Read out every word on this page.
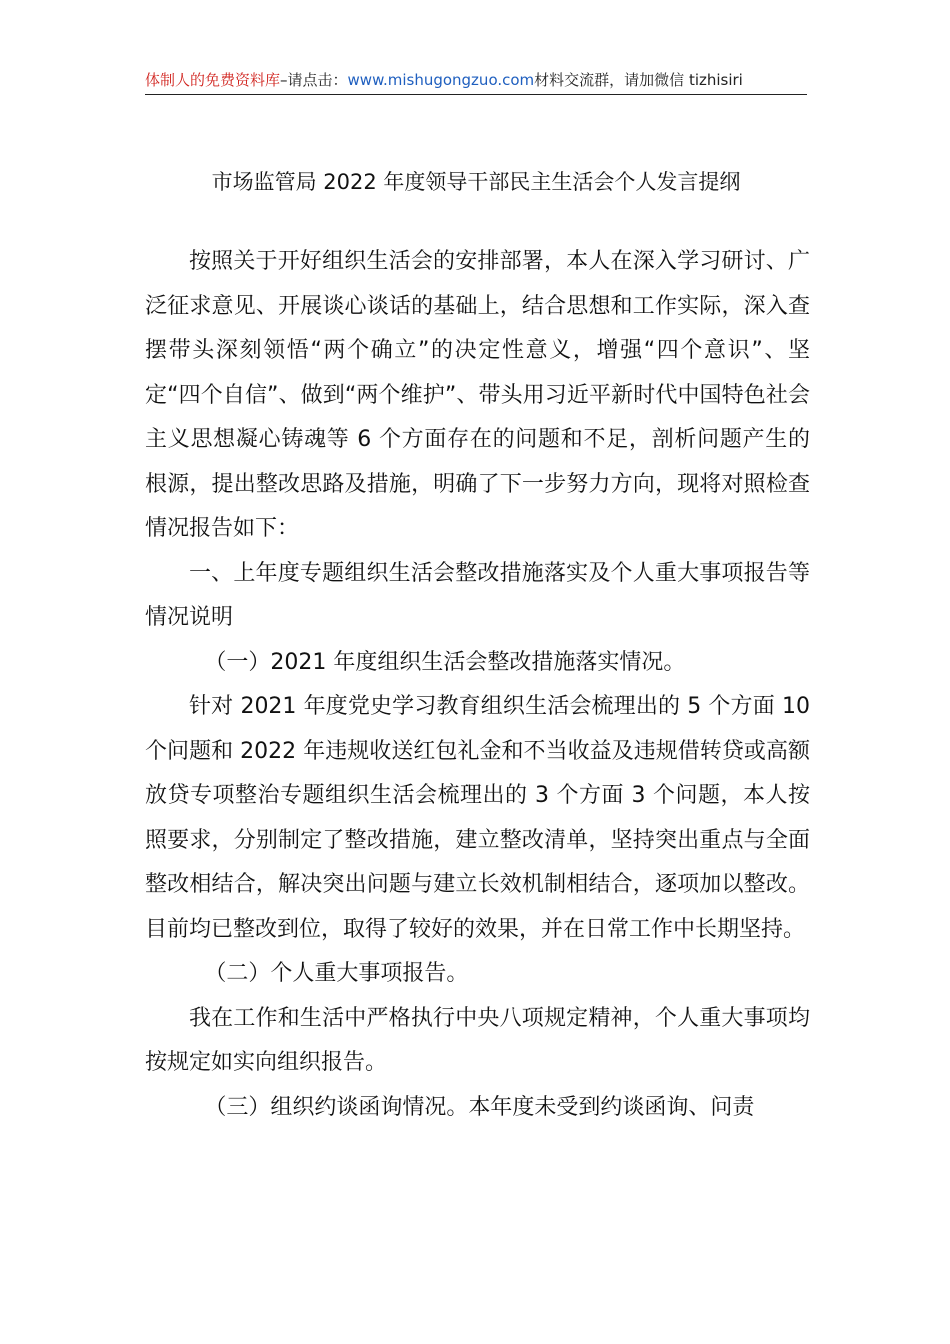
体制人的免费资料库–请点击：www.mishugongzuo.com材料交流群，请加微信 tizhisiri
市场监管局 2022 年度领导干部民主生活会个人发言提纲

按照关于开好组织生活会的安排部署，本人在深入学习研讨、广泛征求意见、开展谈心谈话的基础上，结合思想和工作实际，深入查摆带头深刻领悟“两个确立”的决定性意义，增强“四个意识”、坚定“四个自信”、做到“两个维护”、带头用习近平新时代中国特色社会主义思想凝心铸魂等 6 个方面存在的问题和不足，剖析问题产生的根源，提出整改思路及措施，明确了下一步努力方向，现将对照检查情况报告如下：

一、上年度专题组织生活会整改措施落实及个人重大事项报告等情况说明

（一）2021 年度组织生活会整改措施落实情况。

针对 2021 年度党史学习教育组织生活会梳理出的 5 个方面 10 个问题和 2022 年违规收送红包礼金和不当收益及违规借转贷或高额放贷专项整治专题组织生活会梳理出的 3 个方面 3 个问题，本人按照要求，分别制定了整改措施，建立整改清单，坚持突出重点与全面整改相结合，解决突出问题与建立长效机制相结合，逐项加以整改。目前均已整改到位，取得了较好的效果，并在日常工作中长期坚持。

（二）个人重大事项报告。

我在工作和生活中严格执行中央八项规定精神，个人重大事项均按规定如实向组织报告。

（三）组织约谈函询情况。本年度未受到约谈函询、问责
